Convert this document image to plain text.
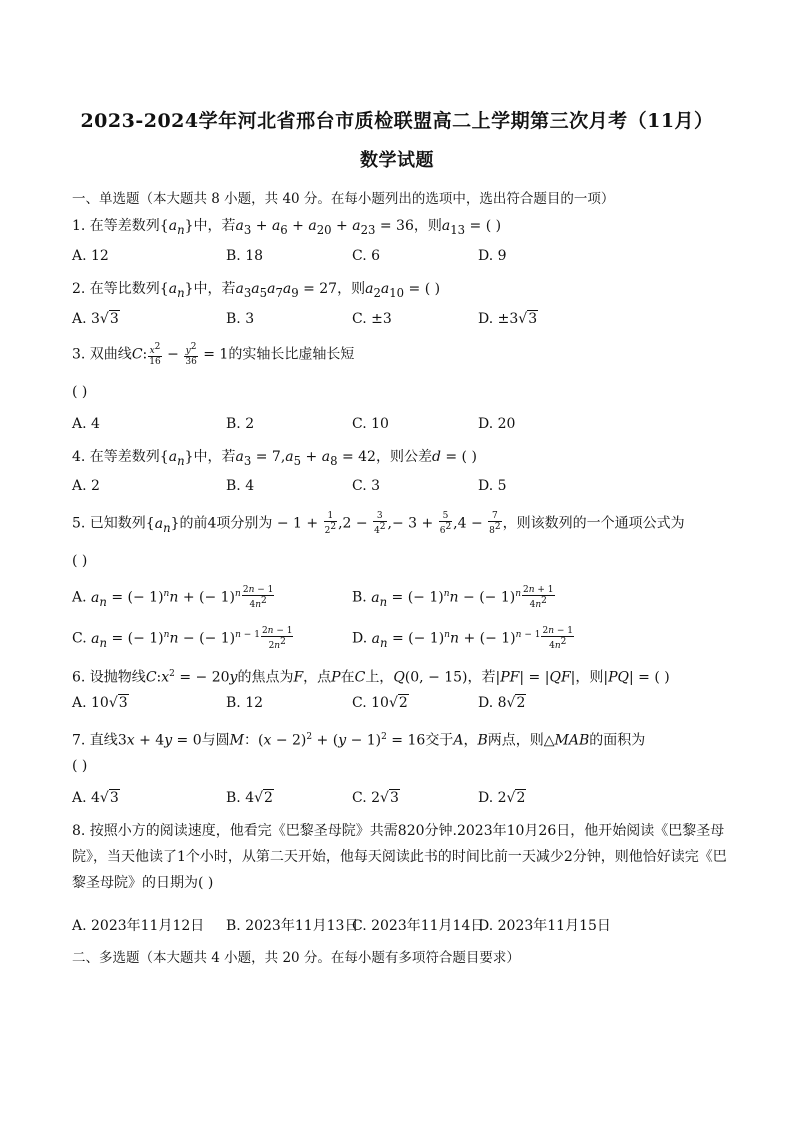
2023-2024学年河北省邢台市质检联盟高二上学期第三次月考（11月）
数学试题
一、单选题（本大题共 8 小题，共 40 分。在每小题列出的选项中，选出符合题目的一项）
1. 在等差数列$\{a_n\}$中，若$a_3 + a_6 + a_{20} + a_{23} = 36$，则$a_{13}$ = ( )
A. 12	B. 18	C. 6	D. 9
2. 在等比数列$\{a_n\}$中，若$a_3a_5a_7a_9 = 27$，则$a_2a_{10}$ = ( )
A. 3√3	B. 3	C. ±3	D. ±3√3
3. 双曲线C: $\frac{x^2}{16} - \frac{y^2}{36} = 1$的实轴长比虚轴长短
( )
A. 4	B. 2	C. 10	D. 20
4. 在等差数列$\{a_n\}$中，若$a_3 = 7,a_5 + a_8 = 42$，则公差d = ( )
A. 2	B. 4	C. 3	D. 5
5. 已知数列$\{a_n\}$的前4项分别为 − $1 + \frac{1}{2^2} ,2 - \frac{3}{4^2}$ ,− $3 + \frac{5}{6^2} ,4 - \frac{7}{8^2}$ ，则该数列的一个通项公式为
( )
A. $a_n$ = (− 1)$^n$n + (− $1)^n \frac{2n - 1}{4n^2}$	B. $a_n$ = (− 1)$^n$n − (− $1)^n \frac{2n + 1}{4n^2}$
C. $a_n$ = (− 1)$^n$n − (− $1)^{n - 1} \frac{2n - 1}{2n^2}$	D. $a_n$ = (− 1)$^n$n + (− $1)^{n - 1} \frac{2n - 1}{4n^2}$
6. 设抛物线$C:x^2$ = − 20y的焦点为F，点P在C上，Q(0, − 15)，若|PF| = |QF|，则|PQ| = ( )
A. 10√3	B. 12	C. 10√2	D. 8√2
7. 直线3x + 4y = 0与圆M：$(x - 2)^2 + (y - 1)^2 = 16$交于A，B两点，则△MAB的面积为
( )
A. 4√3	B. 4√2	C. 2√3	D. 2√2
8. 按照小方的阅读速度，他看完《巴黎圣母院》共需820分钟.2023年10月26日，他开始阅读《巴黎圣母院》，当天他读了1个小时，从第二天开始，他每天阅读此书的时间比前一天减少2分钟，则他恰好读完《巴黎圣母院》的日期为( )
A. 2023年11月12日 B. 2023年11月13日
C. 2023年11月14日
D. 2023年11月15日
二、多选题（本大题共 4 小题，共 20 分。在每小题有多项符合题目要求）
